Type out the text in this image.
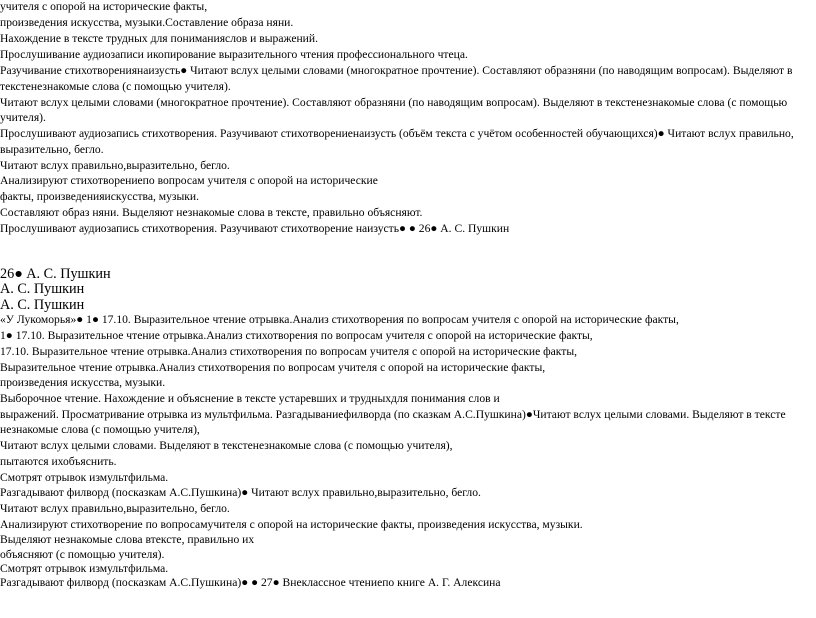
учителя с опорой на исторические факты,
произведения искусства, музыки.Составление образа няни.
Нахождение в тексте трудных для пониманияслов и выражений.
Прослушивание аудиозаписи икопирование выразительного чтения профессионального чтеца.
Разучивание стихотворениянаизусть● Читают вслух целыми словами (многократное прочтение). Составляют образняни (по наводящим вопросам). Выделяют в
текстенезнакомые слова (с помощью учителя).
Читают вслух целыми словами (многократное прочтение). Составляют образняни (по наводящим вопросам). Выделяют в текстенезнакомые слова (с помощью
учителя).
Прослушивают аудиозапись стихотворения. Разучивают стихотворениенаизусть (объём текста с учётом особенностей обучающихся)● Читают вслух правильно,
выразительно, бегло.
Читают вслух правильно,выразительно, бегло.
Анализируют стихотворениепо вопросам учителя с опорой на исторические
факты, произведенияискусства, музыки.
Составляют образ няни. Выделяют незнакомые слова в тексте, правильно объясняют.
Прослушивают аудиозапись стихотворения. Разучивают стихотворение наизусть● ● 26● А. С. Пушкин
26● А. С. Пушкин
А. С. Пушкин
А. С. Пушкин
«У Лукоморья»● 1● 17.10. Выразительное чтение отрывка.Анализ стихотворения по вопросам учителя с опорой на исторические факты,
1● 17.10. Выразительное чтение отрывка.Анализ стихотворения по вопросам учителя с опорой на исторические факты,
17.10. Выразительное чтение отрывка.Анализ стихотворения по вопросам учителя с опорой на исторические факты,
Выразительное чтение отрывка.Анализ стихотворения по вопросам учителя с опорой на исторические факты,
произведения искусства, музыки.
Выборочное чтение. Нахождение и объяснение в тексте устаревших и трудныхдля понимания слов и
выражений. Просматривание отрывка из мультфильма. Разгадываниефилворда (по сказкам А.С.Пушкина)●Читают вслух целыми словами. Выделяют в тексте
незнакомые слова (с помощью учителя),
Читают вслух целыми словами. Выделяют в текстенезнакомые слова (с помощью учителя),
пытаются ихобъяснить.
Смотрят отрывок измультфильма.
Разгадывают филворд (посказкам А.С.Пушкина)● Читают вслух правильно,выразительно, бегло.
Читают вслух правильно,выразительно, бегло.
Анализируют стихотворение по вопросамучителя с опорой на исторические факты, произведения искусства, музыки.
Выделяют незнакомые слова втексте, правильно их
объясняют (с помощью учителя).
Смотрят отрывок измультфильма.
Разгадывают филворд (посказкам А.С.Пушкина)● ● 27● Внеклассное чтениепо книге А. Г. Алексина
